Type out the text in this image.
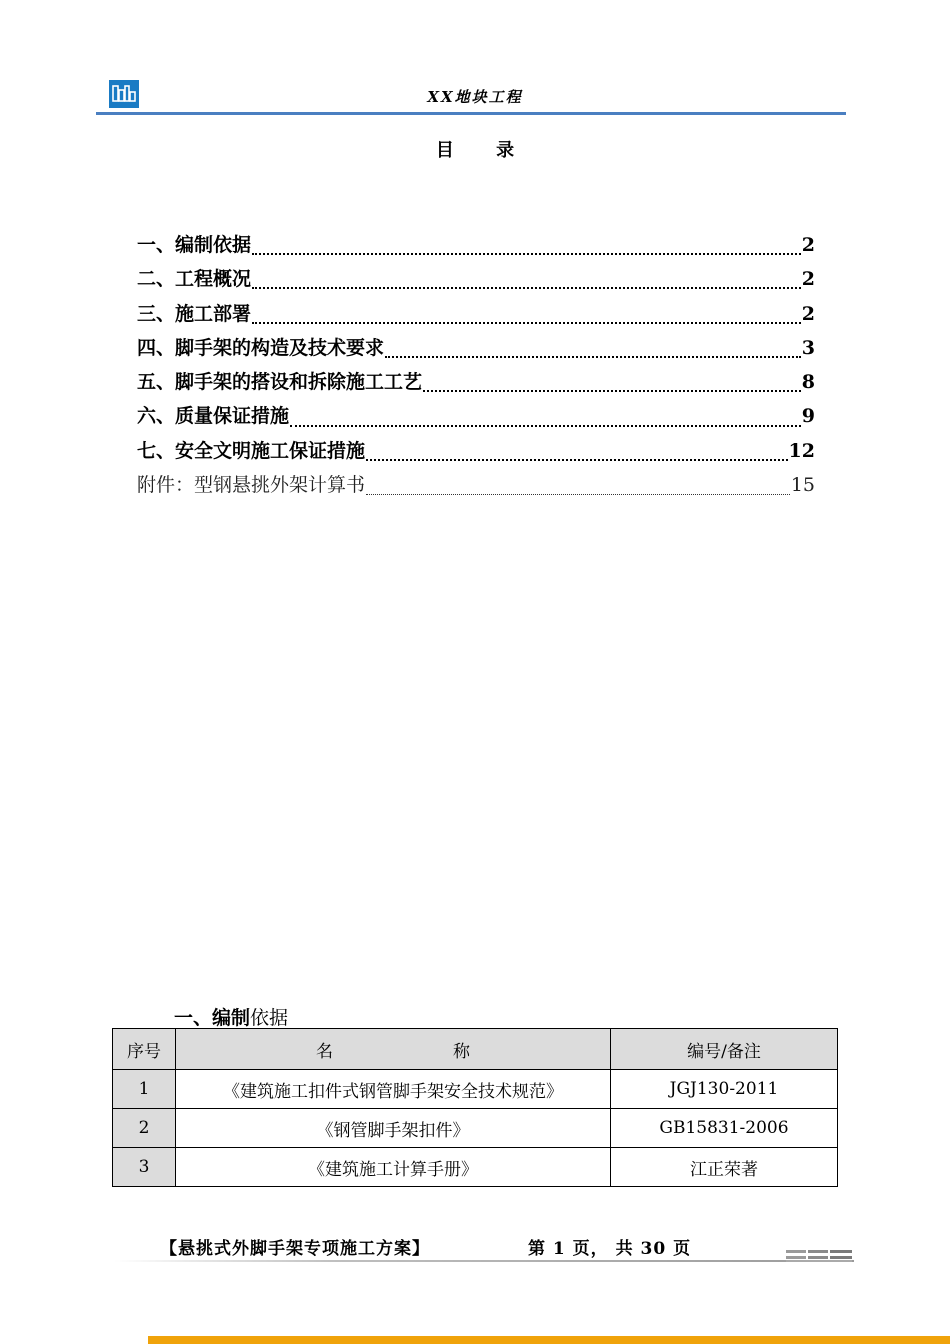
XX地块工程
目 录
一、编制依据	2
二、工程概况	2
三、施工部署	2
四、脚手架的构造及技术要求	3
五、脚手架的搭设和拆除施工工艺	8
六、质量保证措施	9
七、安全文明施工保证措施	12
附件：型钢悬挑外架计算书	15
一、编制依据
序号	名 称	编号/备注
1	《建筑施工扣件式钢管脚手架安全技术规范》	JGJ130-2011
2	《钢管脚手架扣件》	GB15831-2006
3	《建筑施工计算手册》	江正荣著
【悬挑式外脚手架专项施工方案】	第 1 页， 共 30 页
